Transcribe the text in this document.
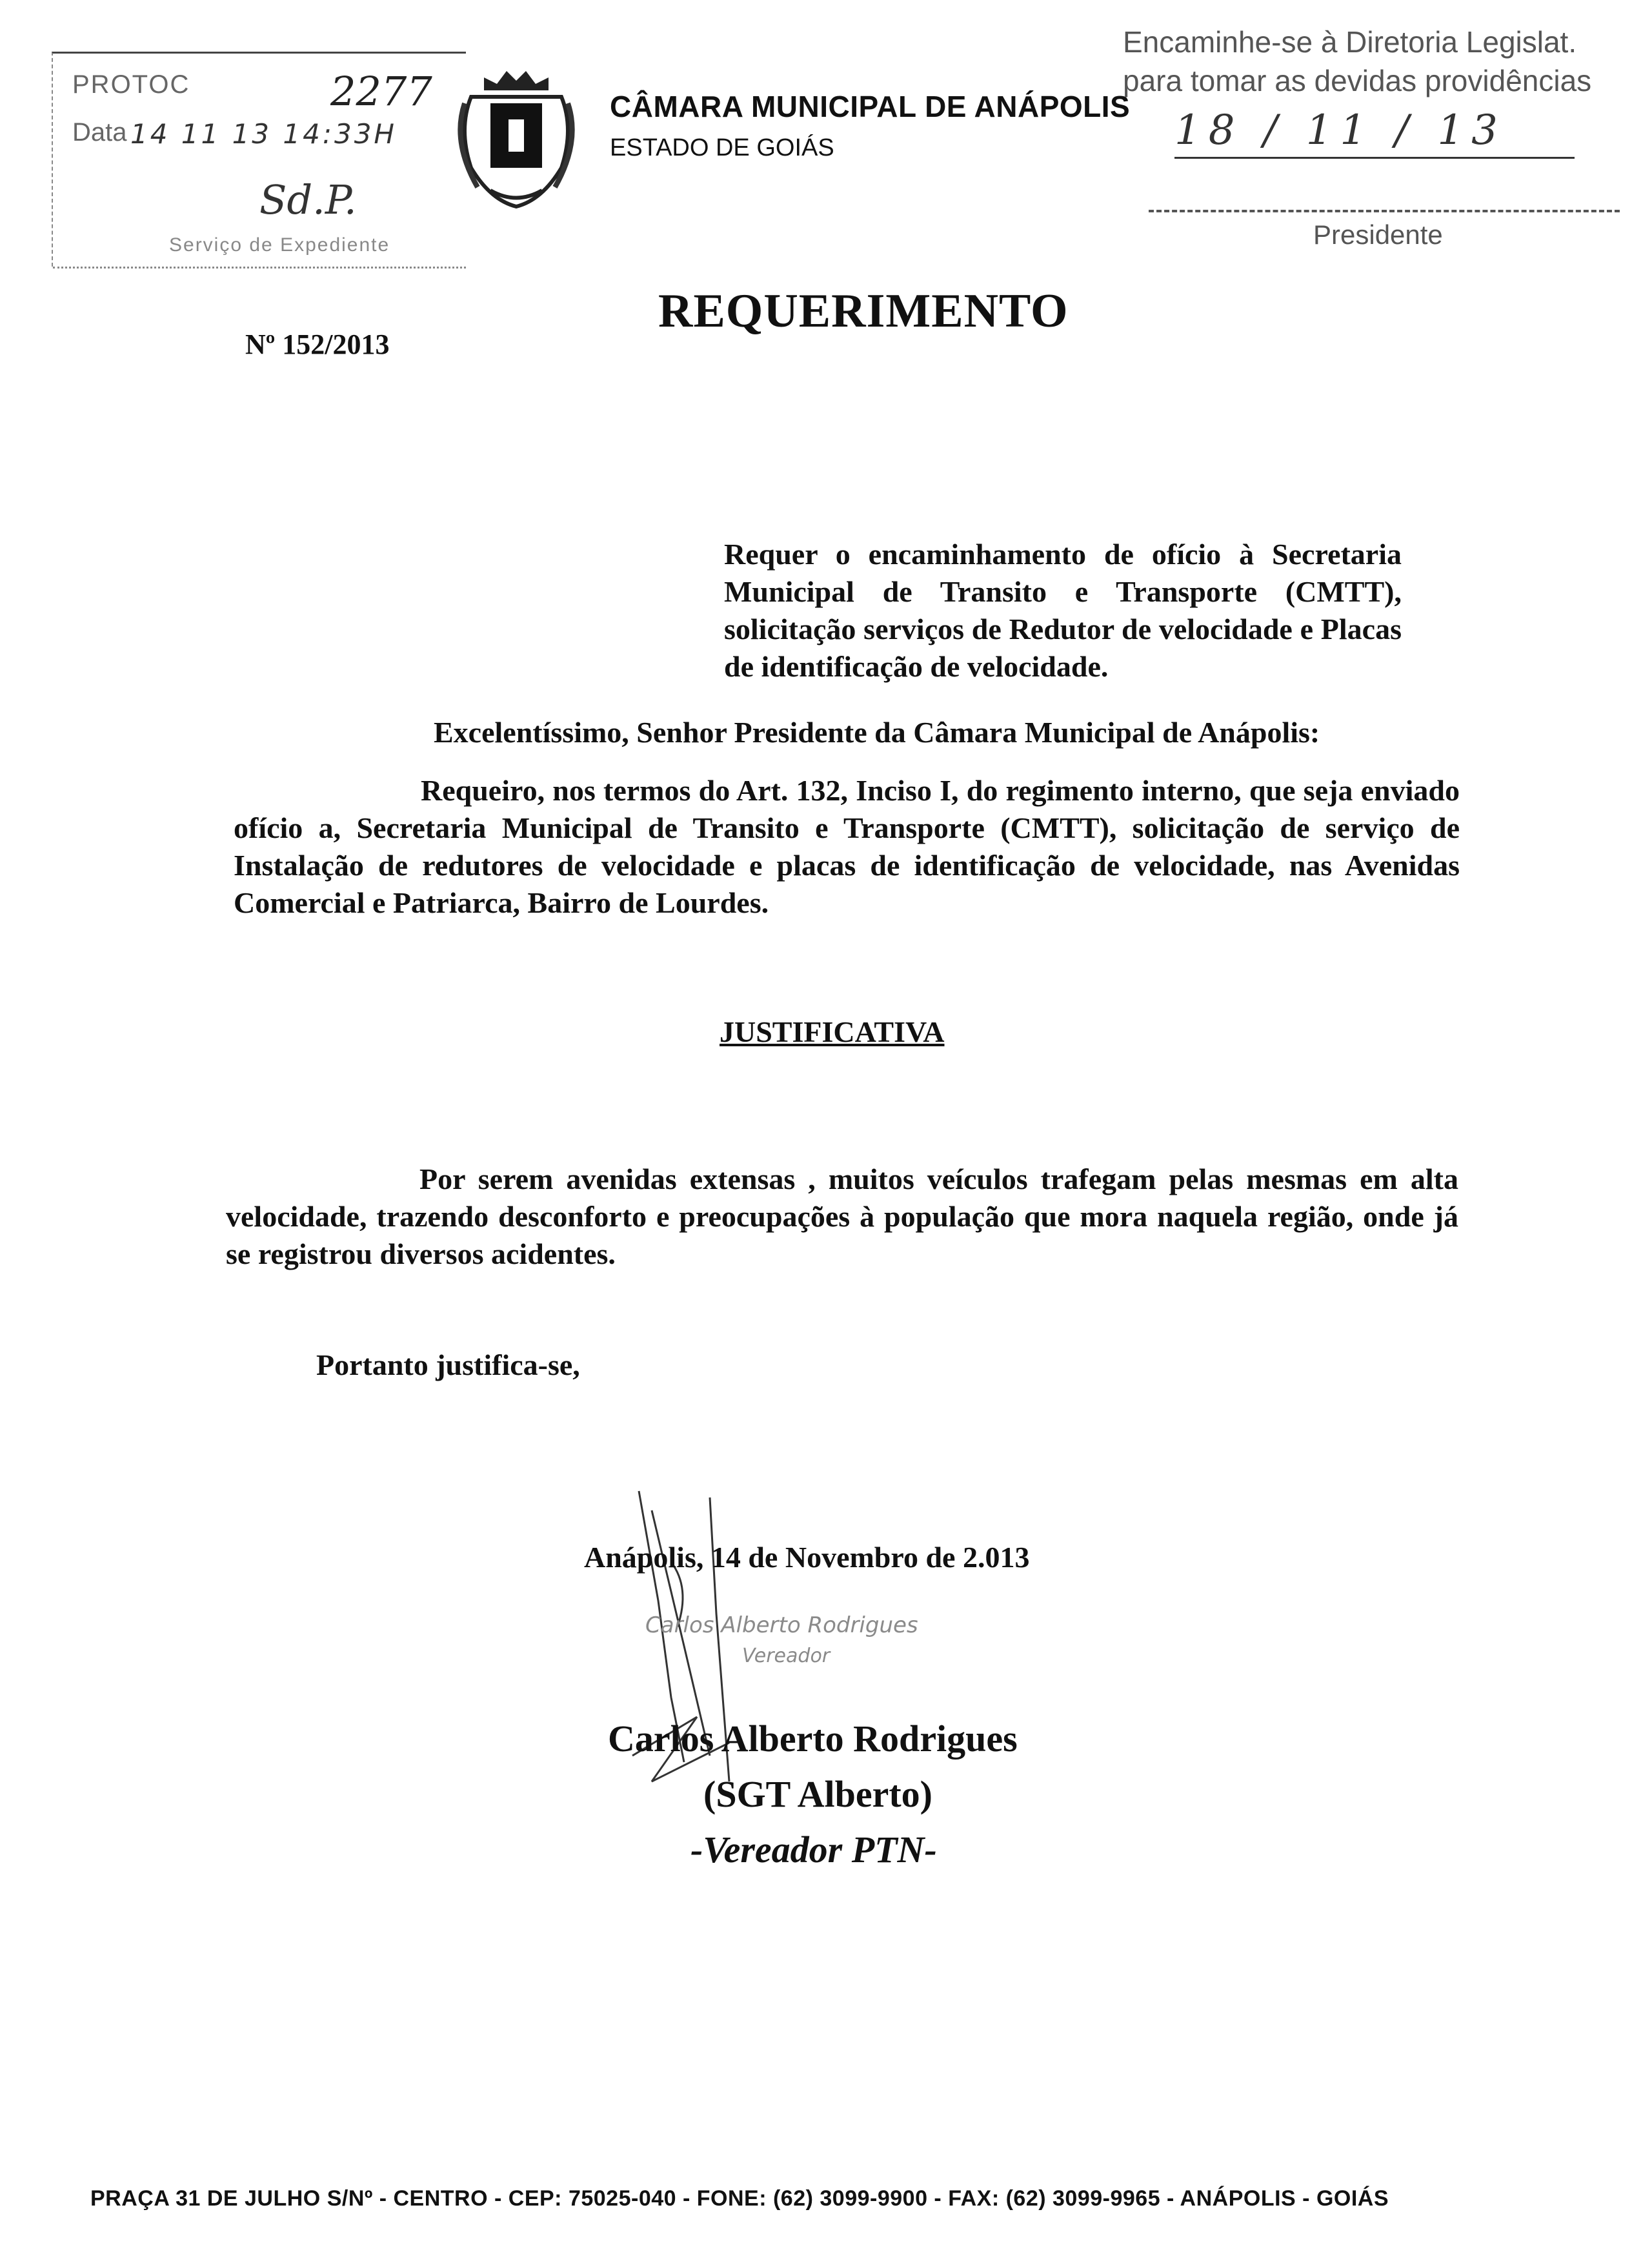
PROTOC	2277
Data 14 11 13 14:33H
Sd.P.
Serviço de Expediente
CÂMARA MUNICIPAL DE ANÁPOLIS
ESTADO DE GOIÁS
Encaminhe-se à Diretoria Legislat.
para tomar as devidas providências
18 / 11 / 13
Presidente
Nº 152/2013
REQUERIMENTO
Requer o encaminhamento de ofício à Secretaria Municipal de Transito e Transporte (CMTT), solicitação serviços de Redutor de velocidade e Placas de identificação de velocidade.
Excelentíssimo, Senhor Presidente da Câmara Municipal de Anápolis:
Requeiro, nos termos do Art. 132, Inciso I, do regimento interno, que seja enviado ofício a, Secretaria Municipal de Transito e Transporte (CMTT), solicitação de serviço de Instalação de redutores de velocidade e placas de identificação de velocidade, nas Avenidas Comercial e Patriarca, Bairro de Lourdes.
JUSTIFICATIVA
Por serem avenidas extensas , muitos veículos trafegam pelas mesmas em alta velocidade, trazendo desconforto e preocupações à população que mora naquela região, onde já se registrou diversos acidentes.
Portanto justifica-se,
Anápolis, 14 de Novembro de 2.013
Carlos Alberto Rodrigues
Vereador
Carlos Alberto Rodrigues
(SGT Alberto)
-Vereador PTN-
PRAÇA 31 DE JULHO S/Nº - CENTRO - CEP: 75025-040 - FONE: (62) 3099-9900 - FAX: (62) 3099-9965 - ANÁPOLIS - GOIÁS
